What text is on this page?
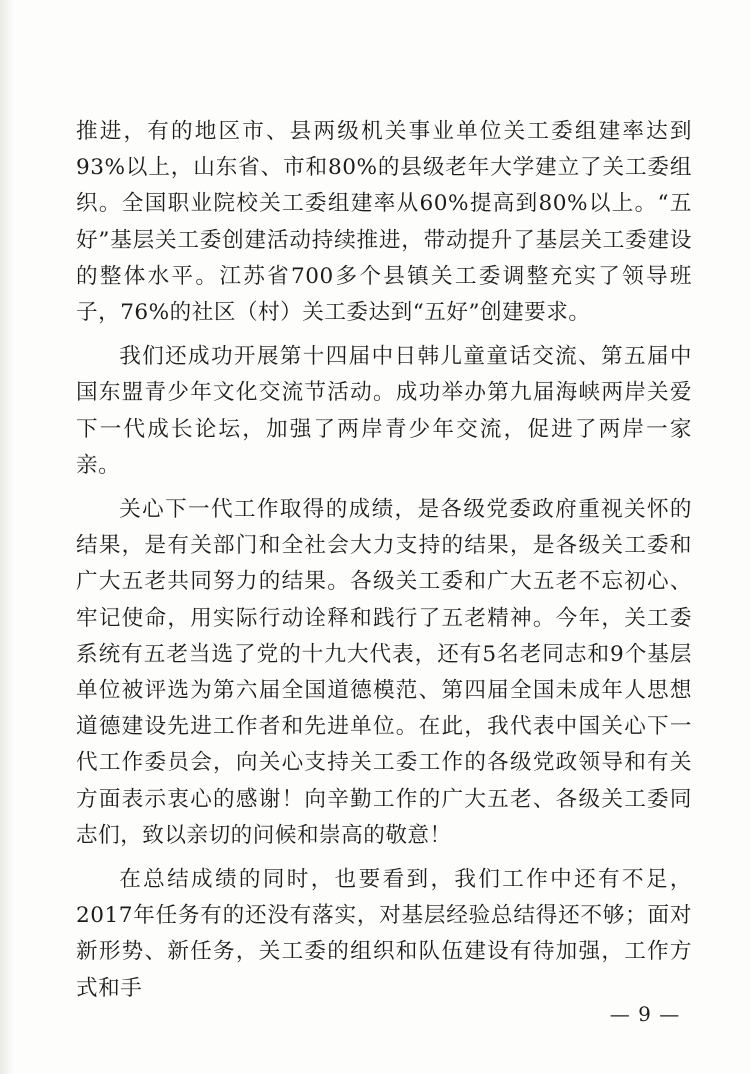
推进，有的地区市、县两级机关事业单位关工委组建率达到93%以上，山东省、市和80%的县级老年大学建立了关工委组织。全国职业院校关工委组建率从60%提高到80%以上。“五好”基层关工委创建活动持续推进，带动提升了基层关工委建设的整体水平。江苏省700多个县镇关工委调整充实了领导班子，76%的社区（村）关工委达到“五好”创建要求。

我们还成功开展第十四届中日韩儿童童话交流、第五届中国东盟青少年文化交流节活动。成功举办第九届海峡两岸关爱下一代成长论坛，加强了两岸青少年交流，促进了两岸一家亲。

关心下一代工作取得的成绩，是各级党委政府重视关怀的结果，是有关部门和全社会大力支持的结果，是各级关工委和广大五老共同努力的结果。各级关工委和广大五老不忘初心、牢记使命，用实际行动诠释和践行了五老精神。今年，关工委系统有五老当选了党的十九大代表，还有5名老同志和9个基层单位被评选为第六届全国道德模范、第四届全国未成年人思想道德建设先进工作者和先进单位。在此，我代表中国关心下一代工作委员会，向关心支持关工委工作的各级党政领导和有关方面表示衷心的感谢！向辛勤工作的广大五老、各级关工委同志们，致以亲切的问候和崇高的敬意！

在总结成绩的同时，也要看到，我们工作中还有不足，2017年任务有的还没有落实，对基层经验总结得还不够；面对新形势、新任务，关工委的组织和队伍建设有待加强，工作方式和手

— 9 —
